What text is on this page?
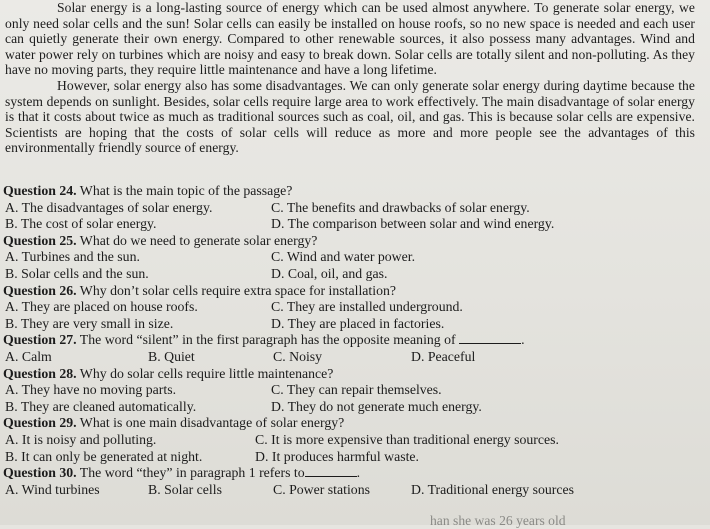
Solar energy is a long-lasting source of energy which can be used almost anywhere. To generate solar energy, we only need solar cells and the sun! Solar cells can easily be installed on house roofs, so no new space is needed and each user can quietly generate their own energy. Compared to other renewable sources, it also possess many advantages. Wind and water power rely on turbines which are noisy and easy to break down. Solar cells are totally silent and non-polluting. As they have no moving parts, they require little maintenance and have a long lifetime.

However, solar energy also has some disadvantages. We can only generate solar energy during daytime because the system depends on sunlight. Besides, solar cells require large area to work effectively. The main disadvantage of solar energy is that it costs about twice as much as traditional sources such as coal, oil, and gas. This is because solar cells are expensive. Scientists are hoping that the costs of solar cells will reduce as more and more people see the advantages of this environmentally friendly source of energy.

Question 24. What is the main topic of the passage?
A. The disadvantages of solar energy.	C. The benefits and drawbacks of solar energy.
B. The cost of solar energy.	D. The comparison between solar and wind energy.
Question 25. What do we need to generate solar energy?
A. Turbines and the sun.	C. Wind and water power.
B. Solar cells and the sun.	D. Coal, oil, and gas.
Question 26. Why don’t solar cells require extra space for installation?
A. They are placed on house roofs.	C. They are installed underground.
B. They are very small in size.	D. They are placed in factories.
Question 27. The word “silent” in the first paragraph has the opposite meaning of	.
A. Calm	B. Quiet	C. Noisy	D. Peaceful
Question 28. Why do solar cells require little maintenance?
A. They have no moving parts.	C. They can repair themselves.
B. They are cleaned automatically.	D. They do not generate much energy.
Question 29. What is one main disadvantage of solar energy?
A. It is noisy and polluting.	C. It is more expensive than traditional energy sources.
B. It can only be generated at night.	D. It produces harmful waste.
Question 30. The word “they” in paragraph 1 refers to	.
A. Wind turbines	B. Solar cells	C. Power stations	D. Traditional energy sources
han she was 26 years old
